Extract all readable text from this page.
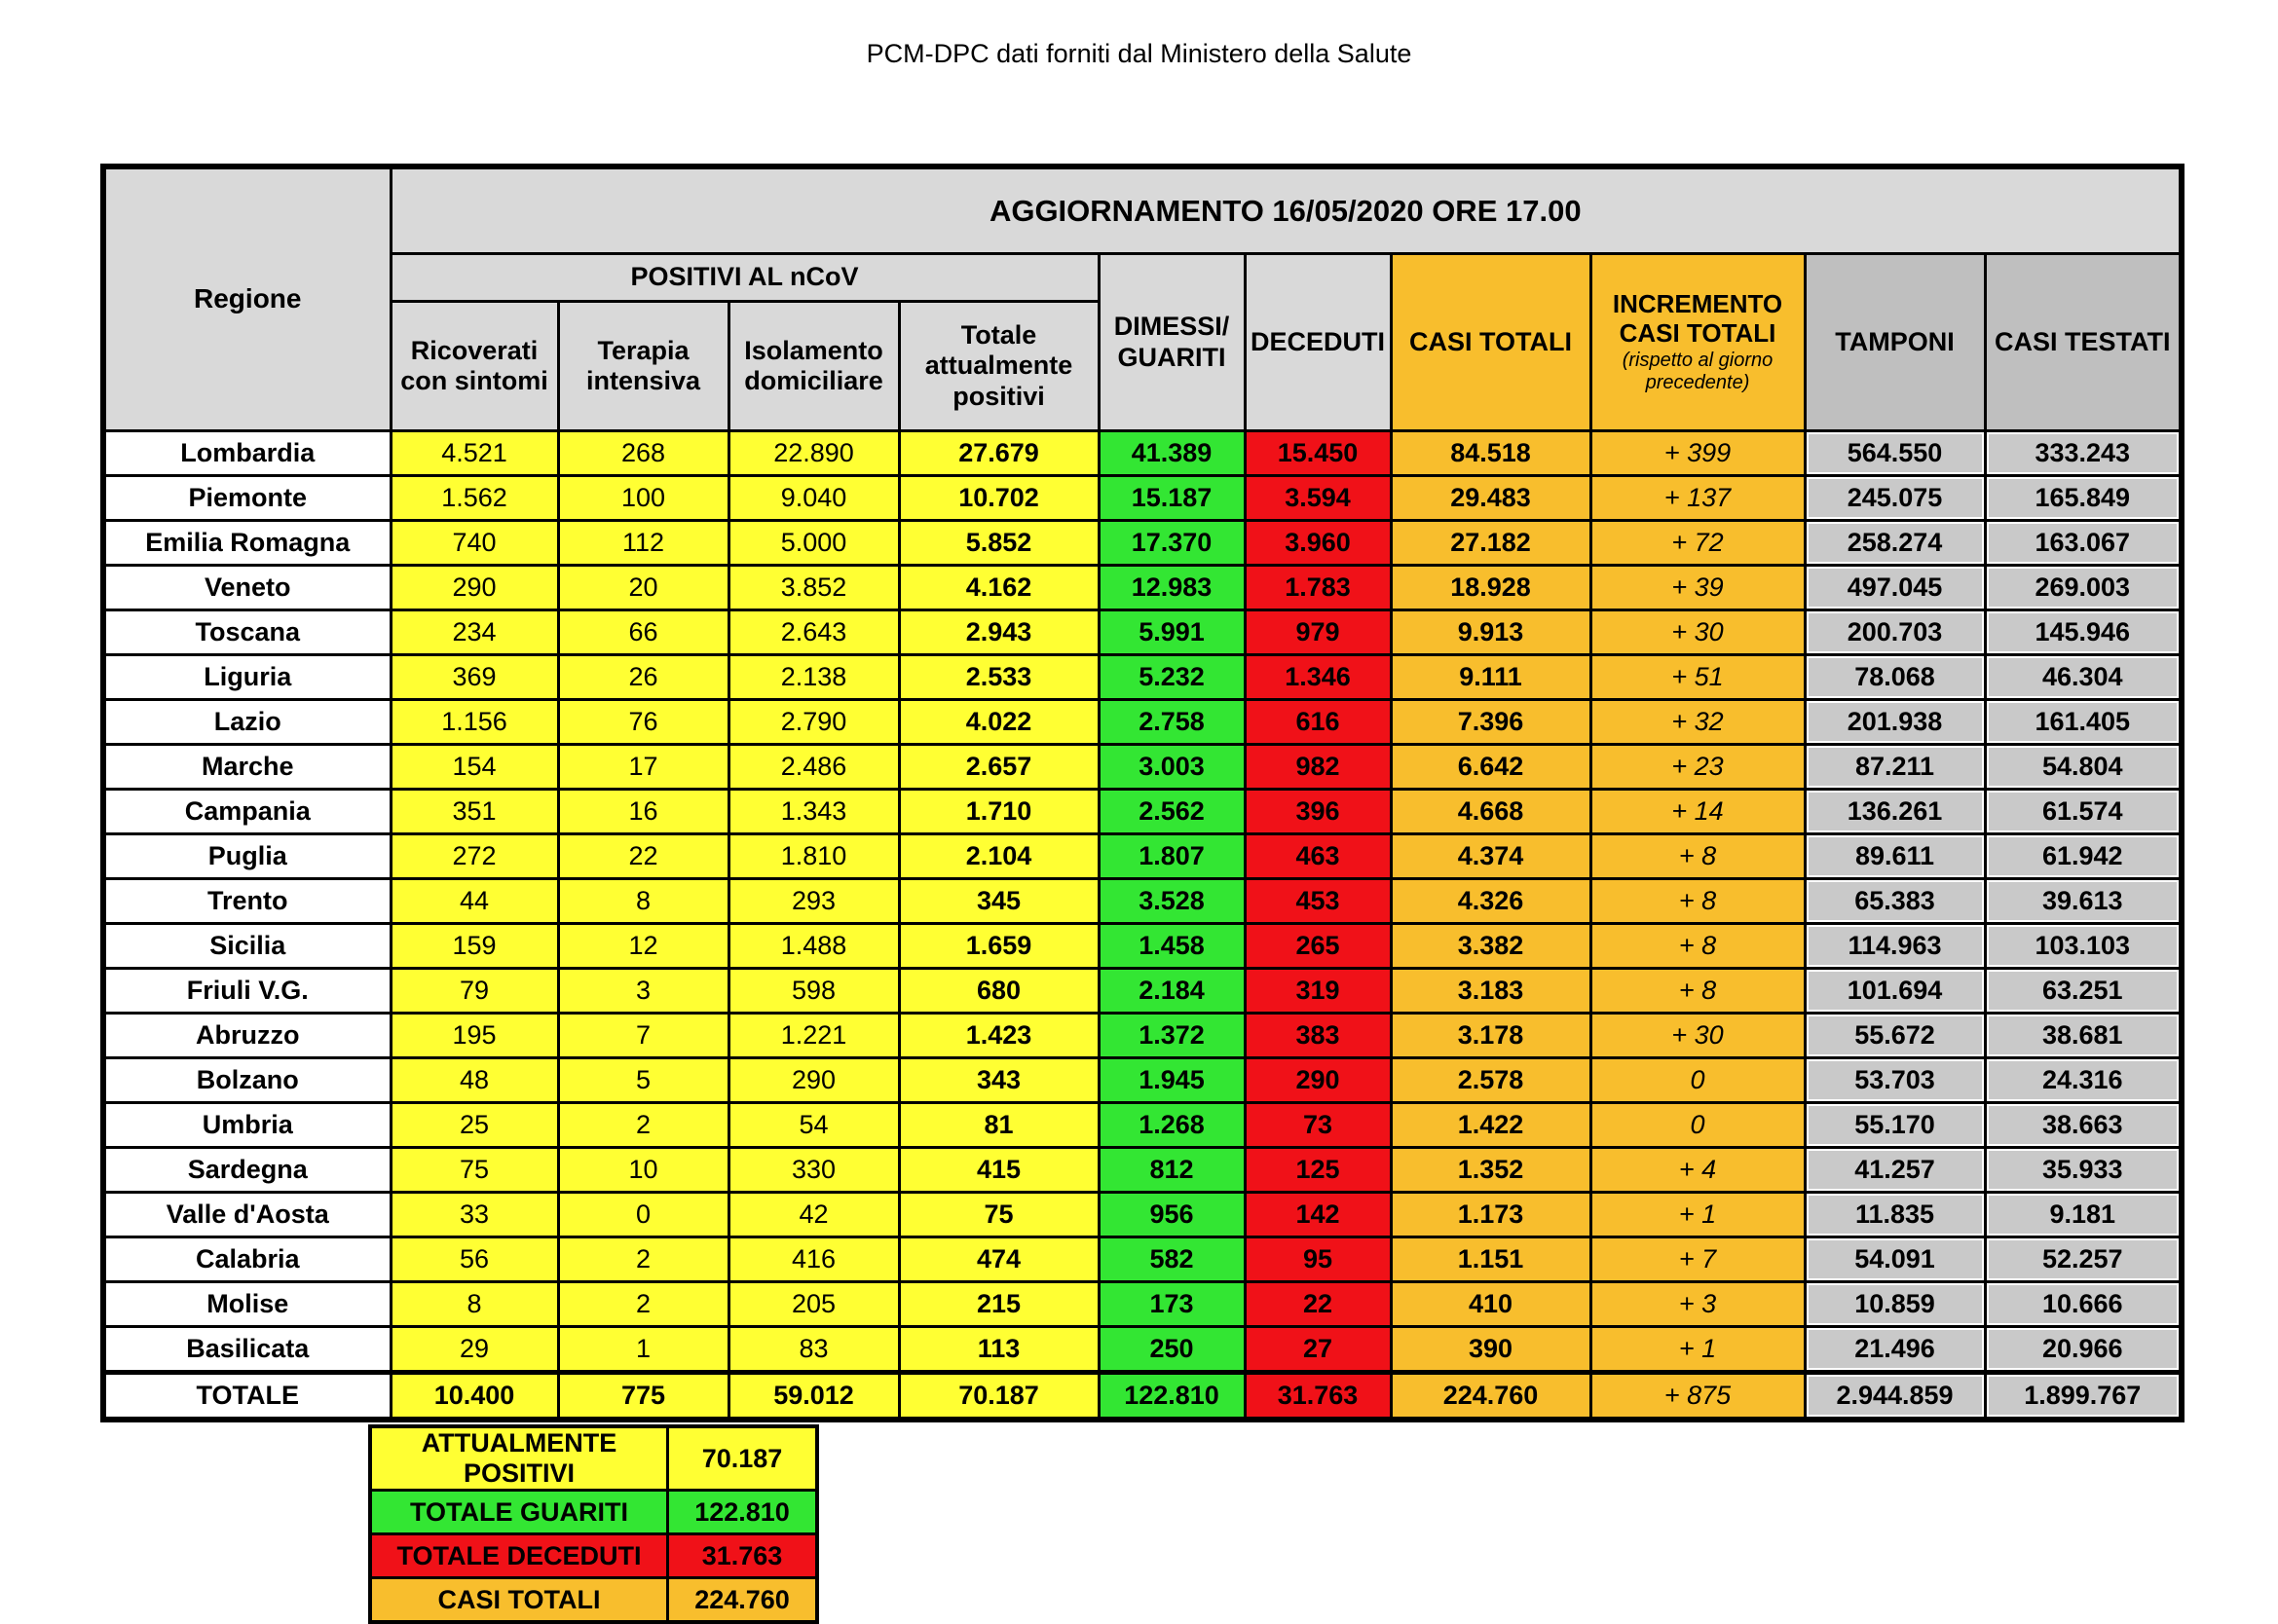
PCM-DPC dati forniti dal Ministero della Salute
Regione	AGGIORNAMENTO 16/05/2020 ORE 17.00									
	POSITIVI AL nCoV				DIMESSI/ GUARITI	DECEDUTI	CASI TOTALI	INCREMENTO CASI TOTALI
(rispetto al giorno precedente)	TAMPONI	CASI TESTATI
	Ricoverati con sintomi	Terapia intensiva	Isolamento domiciliare	Totale attualmente positivi						
Lombardia	4.521	268	22.890	27.679	41.389	15.450	84.518	+ 399	564.550	333.243
Piemonte	1.562	100	9.040	10.702	15.187	3.594	29.483	+ 137	245.075	165.849
Emilia Romagna	740	112	5.000	5.852	17.370	3.960	27.182	+ 72	258.274	163.067
Veneto	290	20	3.852	4.162	12.983	1.783	18.928	+ 39	497.045	269.003
Toscana	234	66	2.643	2.943	5.991	979	9.913	+ 30	200.703	145.946
Liguria	369	26	2.138	2.533	5.232	1.346	9.111	+ 51	78.068	46.304
Lazio	1.156	76	2.790	4.022	2.758	616	7.396	+ 32	201.938	161.405
Marche	154	17	2.486	2.657	3.003	982	6.642	+ 23	87.211	54.804
Campania	351	16	1.343	1.710	2.562	396	4.668	+ 14	136.261	61.574
Puglia	272	22	1.810	2.104	1.807	463	4.374	+ 8	89.611	61.942
Trento	44	8	293	345	3.528	453	4.326	+ 8	65.383	39.613
Sicilia	159	12	1.488	1.659	1.458	265	3.382	+ 8	114.963	103.103
Friuli V.G.	79	3	598	680	2.184	319	3.183	+ 8	101.694	63.251
Abruzzo	195	7	1.221	1.423	1.372	383	3.178	+ 30	55.672	38.681
Bolzano	48	5	290	343	1.945	290	2.578	0	53.703	24.316
Umbria	25	2	54	81	1.268	73	1.422	0	55.170	38.663
Sardegna	75	10	330	415	812	125	1.352	+ 4	41.257	35.933
Valle d'Aosta	33	0	42	75	956	142	1.173	+ 1	11.835	9.181
Calabria	56	2	416	474	582	95	1.151	+ 7	54.091	52.257
Molise	8	2	205	215	173	22	410	+ 3	10.859	10.666
Basilicata	29	1	83	113	250	27	390	+ 1	21.496	20.966
TOTALE	10.400	775	59.012	70.187	122.810	31.763	224.760	+ 875	2.944.859	1.899.767
ATTUALMENTE POSITIVI	70.187
TOTALE GUARITI	122.810
TOTALE DECEDUTI	31.763
CASI TOTALI	224.760
